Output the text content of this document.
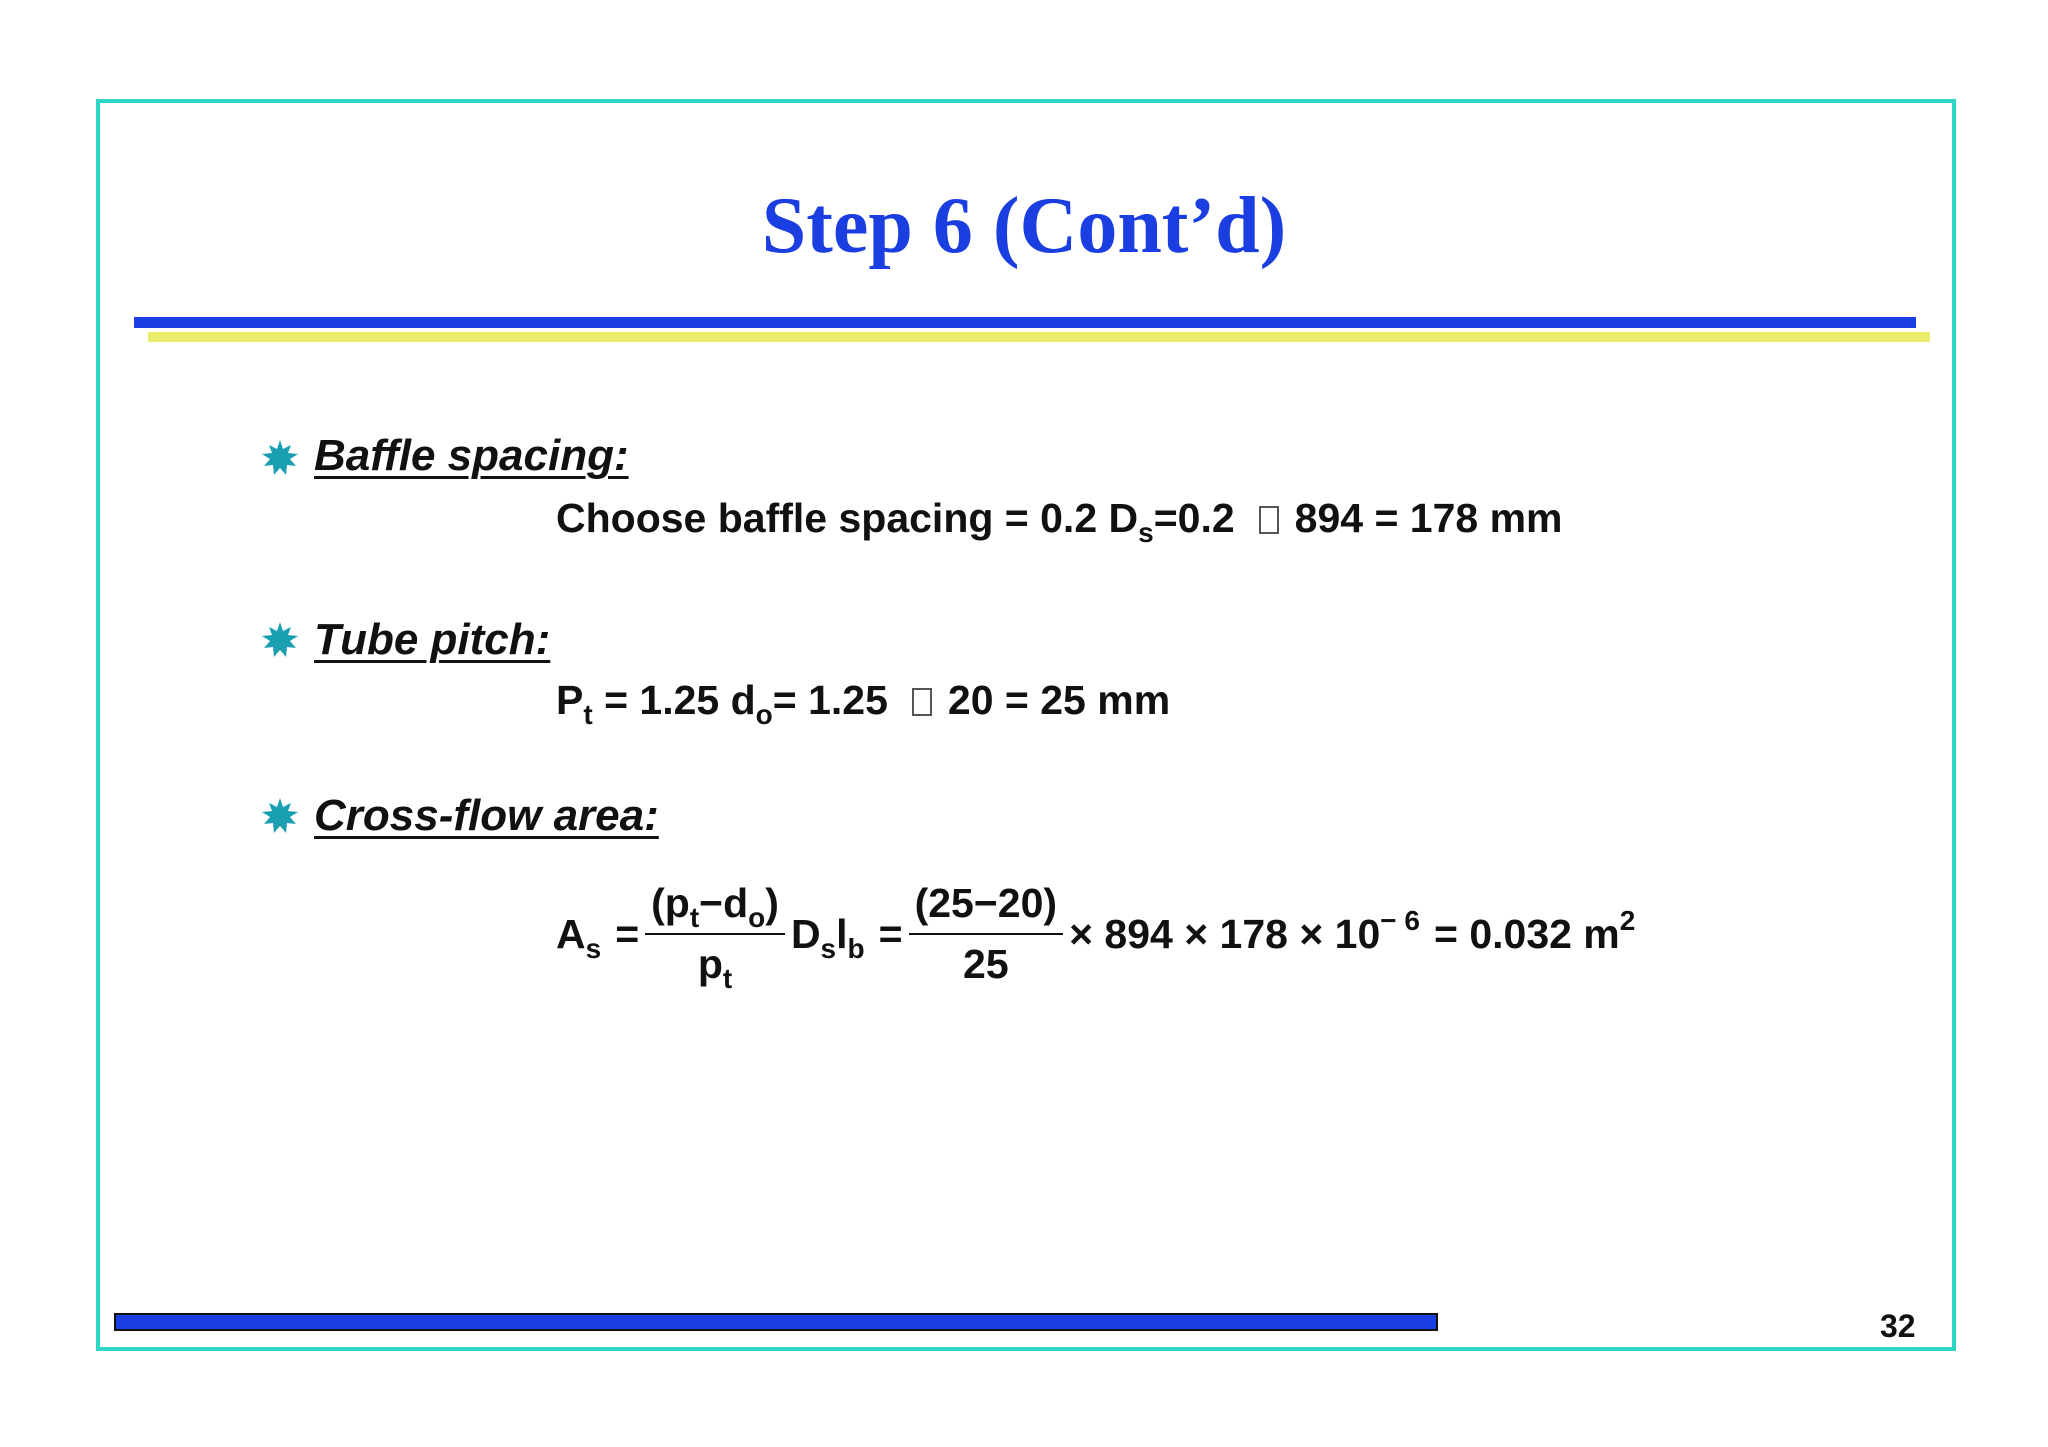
Step 6 (Cont’d)
Baffle spacing:
Choose baffle spacing = 0.2 $D_s=0.2$ 894 = 178 mm
Tube pitch:
$P_t = 1.25$ $d_o= 1.25$ 20 = 25 mm
Cross-flow area:
$A_s = \frac{(p_t-d_o)}{p_t} D_sl_b = \frac{(25-20)}{25} \times 894 \times 178 \times 10^{- 6} = 0.032$ $m^2$
32
